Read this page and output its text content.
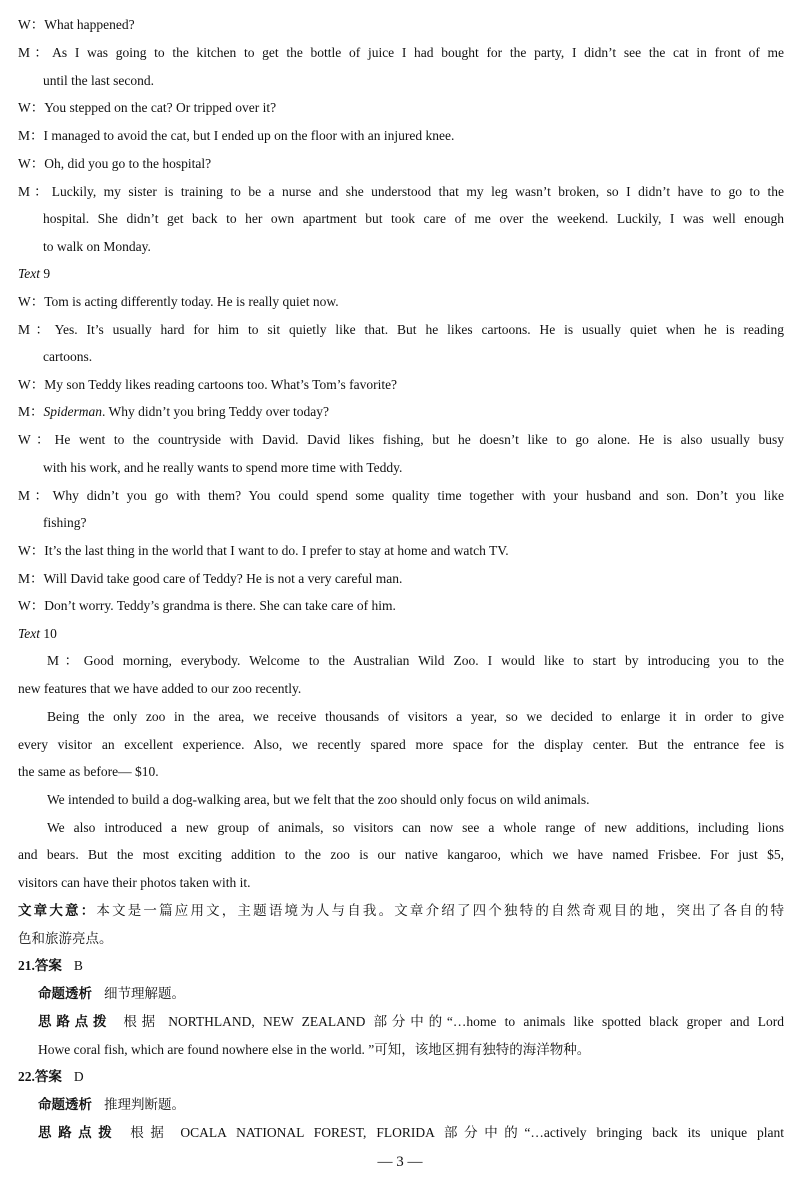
W：What happened?
M：As I was going to the kitchen to get the bottle of juice I had bought for the party, I didn’t see the cat in front of me
until the last second.
W：You stepped on the cat? Or tripped over it?
M：I managed to avoid the cat, but I ended up on the floor with an injured knee.
W：Oh, did you go to the hospital?
M：Luckily, my sister is training to be a nurse and she understood that my leg wasn’t broken, so I didn’t have to go to the
hospital. She didn’t get back to her own apartment but took care of me over the weekend. Luckily, I was well enough
to walk on Monday.
Text 9
W：Tom is acting differently today. He is really quiet now.
M：Yes. It’s usually hard for him to sit quietly like that. But he likes cartoons. He is usually quiet when he is reading
cartoons.
W：My son Teddy likes reading cartoons too. What’s Tom’s favorite?
M：Spiderman. Why didn’t you bring Teddy over today?
W：He went to the countryside with David. David likes fishing, but he doesn’t like to go alone. He is also usually busy
with his work, and he really wants to spend more time with Teddy.
M：Why didn’t you go with them? You could spend some quality time together with your husband and son. Don’t you like
fishing?
W：It’s the last thing in the world that I want to do. I prefer to stay at home and watch TV.
M：Will David take good care of Teddy? He is not a very careful man.
W：Don’t worry. Teddy’s grandma is there. She can take care of him.
Text 10
M：Good morning, everybody. Welcome to the Australian Wild Zoo. I would like to start by introducing you to the
new features that we have added to our zoo recently.
Being the only zoo in the area, we receive thousands of visitors a year, so we decided to enlarge it in order to give
every visitor an excellent experience. Also, we recently spared more space for the display center. But the entrance fee is
the same as before— $10.
We intended to build a dog-walking area, but we felt that the zoo should only focus on wild animals.
We also introduced a new group of animals, so visitors can now see a whole range of new additions, including lions
and bears. But the most exciting addition to the zoo is our native kangaroo, which we have named Frisbee. For just $5,
visitors can have their photos taken with it.
文章大意：本文是一篇应用文，主题语境为人与自我。文章介绍了四个独特的自然奇观目的地，突出了各自的特
色和旅游亮点。
21.答案 B
命题透析 细节理解题。
思路点拨 根据 NORTHLAND, NEW ZEALAND 部分中的“…home to animals like spotted black groper and Lord
Howe coral fish, which are found nowhere else in the world. ”可知，该地区拥有独特的海洋物种。
22.答案 D
命题透析 推理判断题。
思路点拨 根据 OCALA NATIONAL FOREST, FLORIDA 部分中的“…actively bringing back its unique plant
— 3 —
